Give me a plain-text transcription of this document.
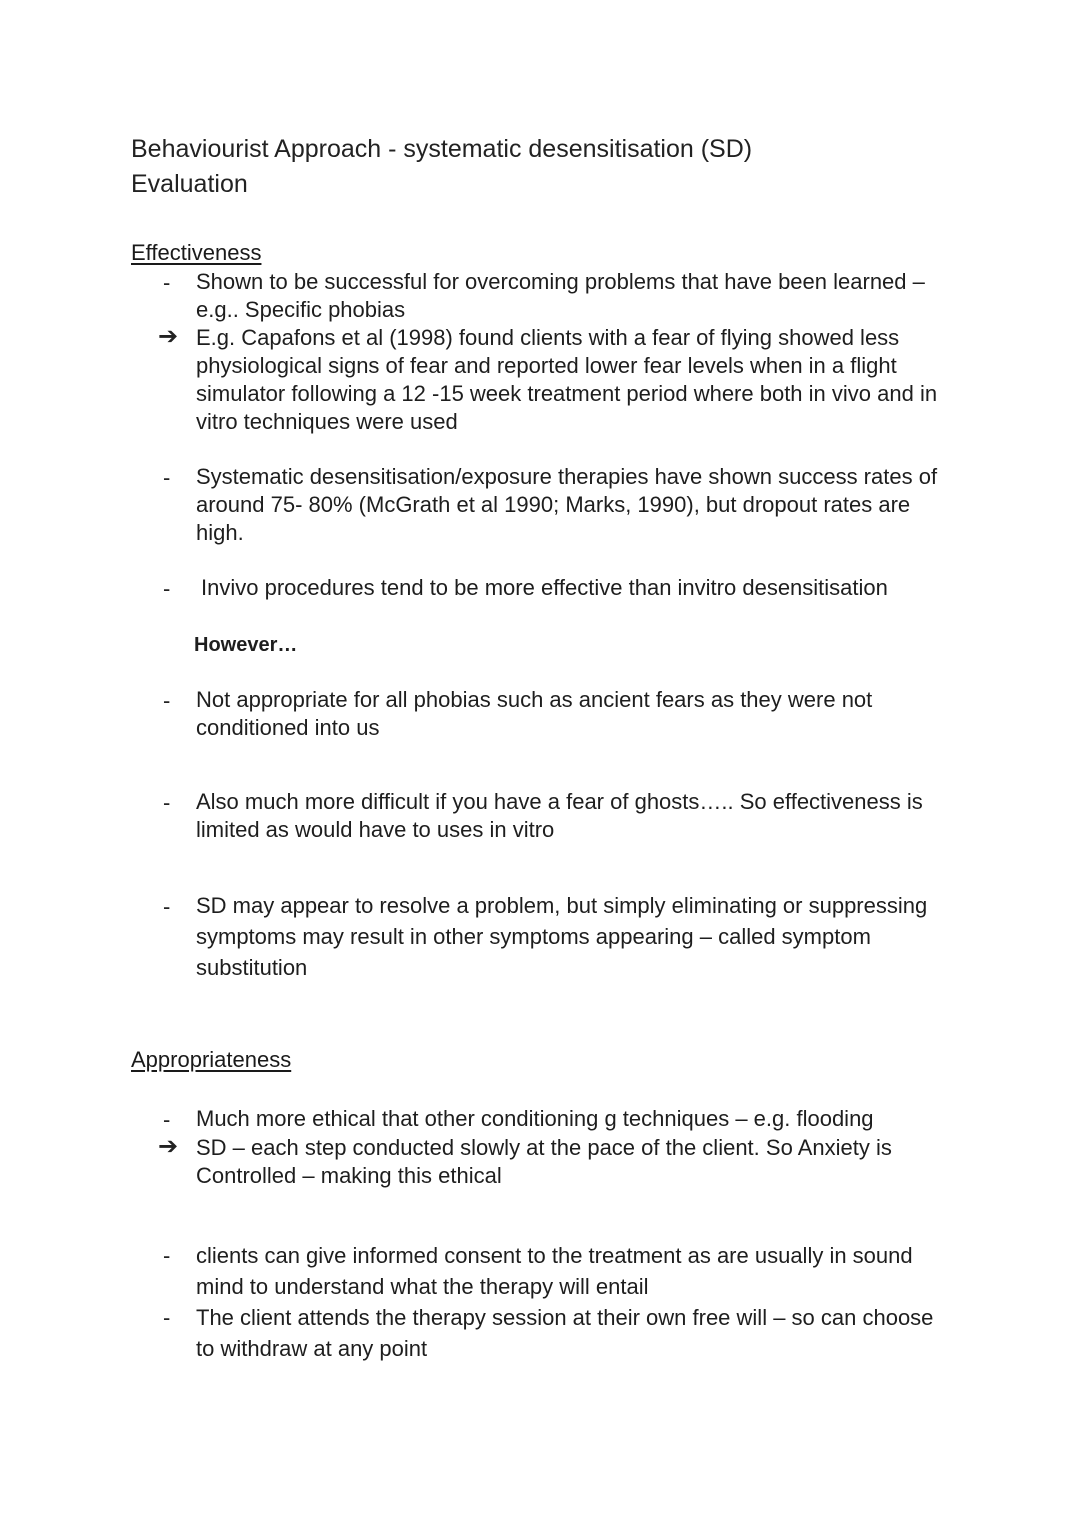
Behaviourist Approach - systematic desensitisation (SD)
Evaluation
Effectiveness
-	Shown to be successful for overcoming problems that have been learned – e.g.. Specific phobias
➔ E.g. Capafons et al (1998) found clients with a fear of flying showed less physiological signs of fear and reported lower fear levels when in a flight simulator following a 12 -15 week treatment period where both in vivo and in vitro techniques were used
-	Systematic desensitisation/exposure therapies have shown success rates of around 75- 80% (McGrath et al 1990; Marks, 1990), but dropout rates are high.
-	Invivo procedures tend to be more effective than invitro desensitisation
However…
-	Not appropriate for all phobias such as ancient fears as they were not conditioned into us
-	Also much more difficult if you have a fear of ghosts….. So effectiveness is limited as would have to uses in vitro
-	SD may appear to resolve a problem, but simply eliminating or suppressing symptoms may result in other symptoms appearing – called symptom substitution
Appropriateness
-	Much more ethical that other conditioning g techniques – e.g. flooding
➔ SD – each step conducted slowly at the pace of the client. So Anxiety is Controlled – making this ethical
-	clients can give informed consent to the treatment as are usually in sound mind to understand what the therapy will entail
-	The client attends the therapy session at their own free will – so can choose to withdraw at any point
